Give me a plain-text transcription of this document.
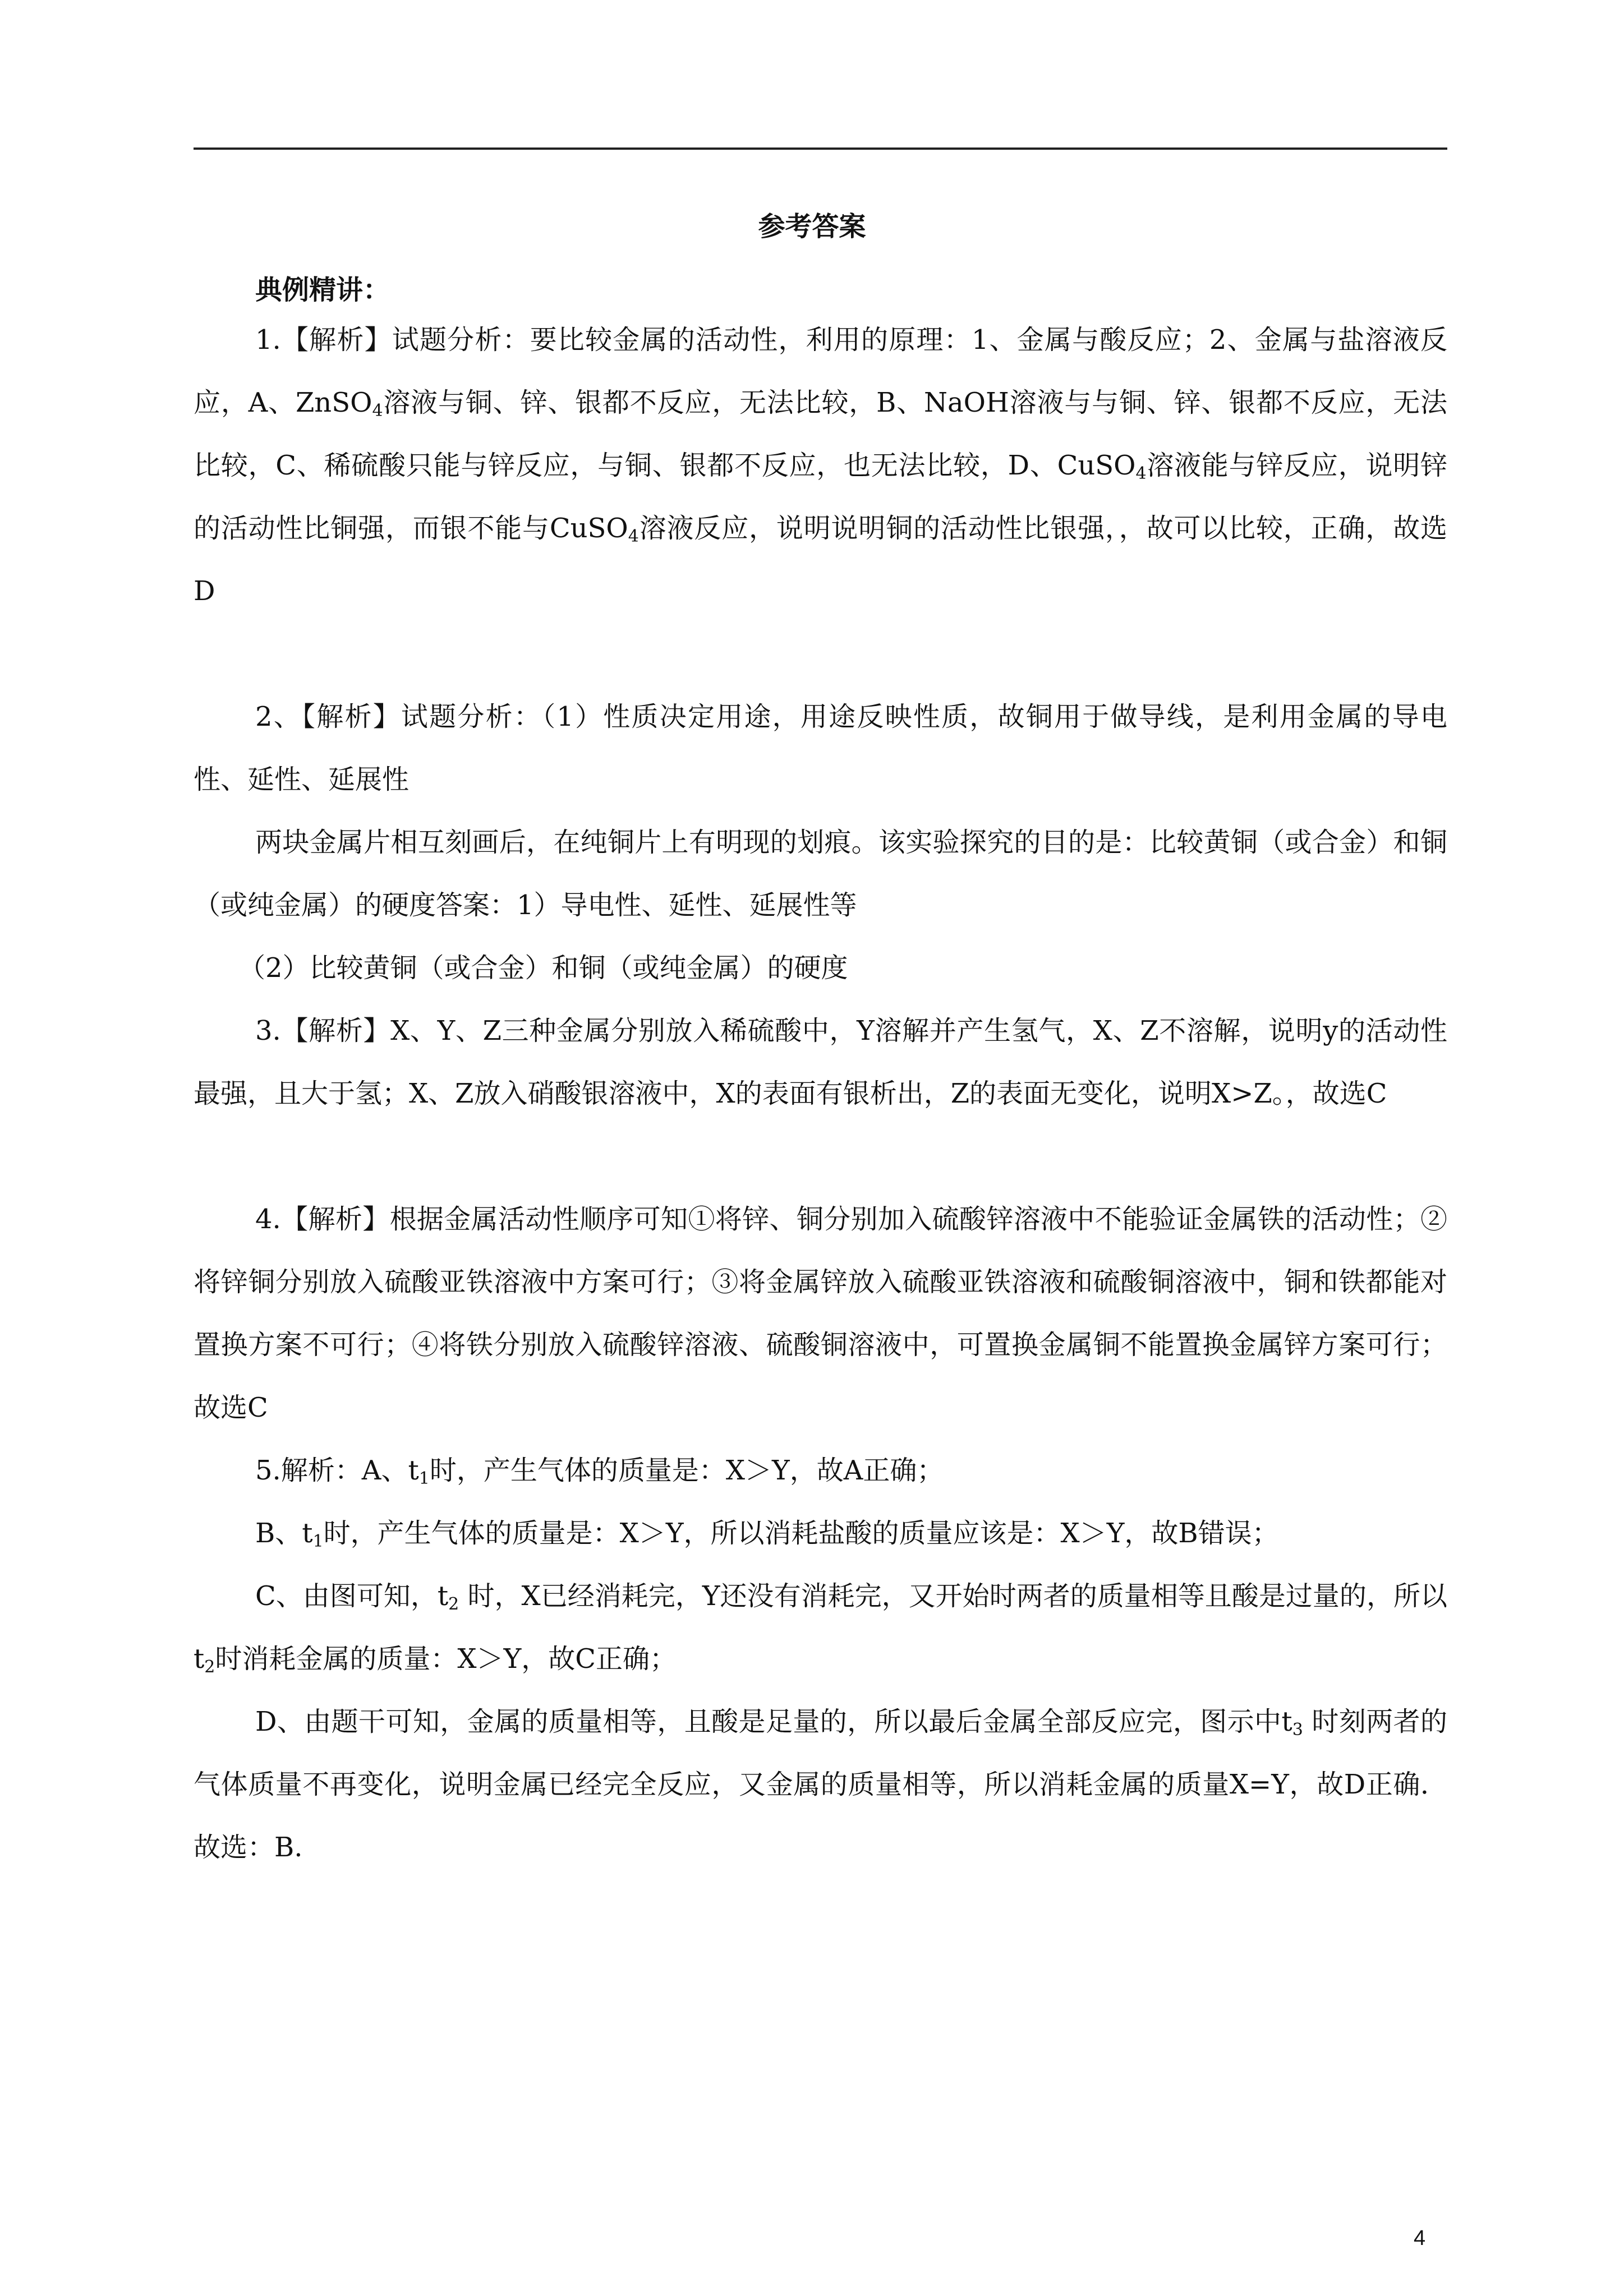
参考答案
典例精讲：

1.【解析】试题分析：要比较金属的活动性，利用的原理：1、金属与酸反应；2、金属与盐溶液反应，A、ZnSO$_4$溶液与铜、锌、银都不反应，无法比较，B、NaOH溶液与与铜、锌、银都不反应，无法比较，C、稀硫酸只能与锌反应，与铜、银都不反应，也无法比较，D、CuSO$_4$溶液能与锌反应，说明锌的活动性比铜强，而银不能与CuSO$_4$溶液反应，说明说明铜的活动性比银强，，故可以比较，正确，故选D

2、【解析】试题分析：（1）性质决定用途，用途反映性质，故铜用于做导线，是利用金属的导电性、延性、延展性

两块金属片相互刻画后，在纯铜片上有明现的划痕。该实验探究的目的是：比较黄铜（或合金）和铜（或纯金属）的硬度答案：1）导电性、延性、延展性等

（2）比较黄铜（或合金）和铜（或纯金属）的硬度

3.【解析】X、Y、Z三种金属分别放入稀硫酸中，Y溶解并产生氢气，X、Z不溶解，说明y的活动性最强，且大于氢；X、Z放入硝酸银溶液中，X的表面有银析出，Z的表面无变化，说明X>Z。，故选C

4.【解析】根据金属活动性顺序可知①将锌、铜分别加入硫酸锌溶液中不能验证金属铁的活动性；②将锌铜分别放入硫酸亚铁溶液中方案可行；③将金属锌放入硫酸亚铁溶液和硫酸铜溶液中，铜和铁都能对置换方案不可行；④将铁分别放入硫酸锌溶液、硫酸铜溶液中，可置换金属铜不能置换金属锌方案可行；故选C

5.解析：A、$t_1$时，产生气体的质量是：X＞Y，故A正确；

B、$t_1$时，产生气体的质量是：X＞Y，所以消耗盐酸的质量应该是：X＞Y，故B错误；

C、由图可知，$t_2$ 时，X已经消耗完，Y还没有消耗完，又开始时两者的质量相等且酸是过量的，所以$t_2$时消耗金属的质量：X＞Y，故C正确；

D、由题干可知，金属的质量相等，且酸是足量的，所以最后金属全部反应完，图示中$t_3$ 时刻两者的气体质量不再变化，说明金属已经完全反应，又金属的质量相等，所以消耗金属的质量X=Y，故D正确．故选：B.

4
